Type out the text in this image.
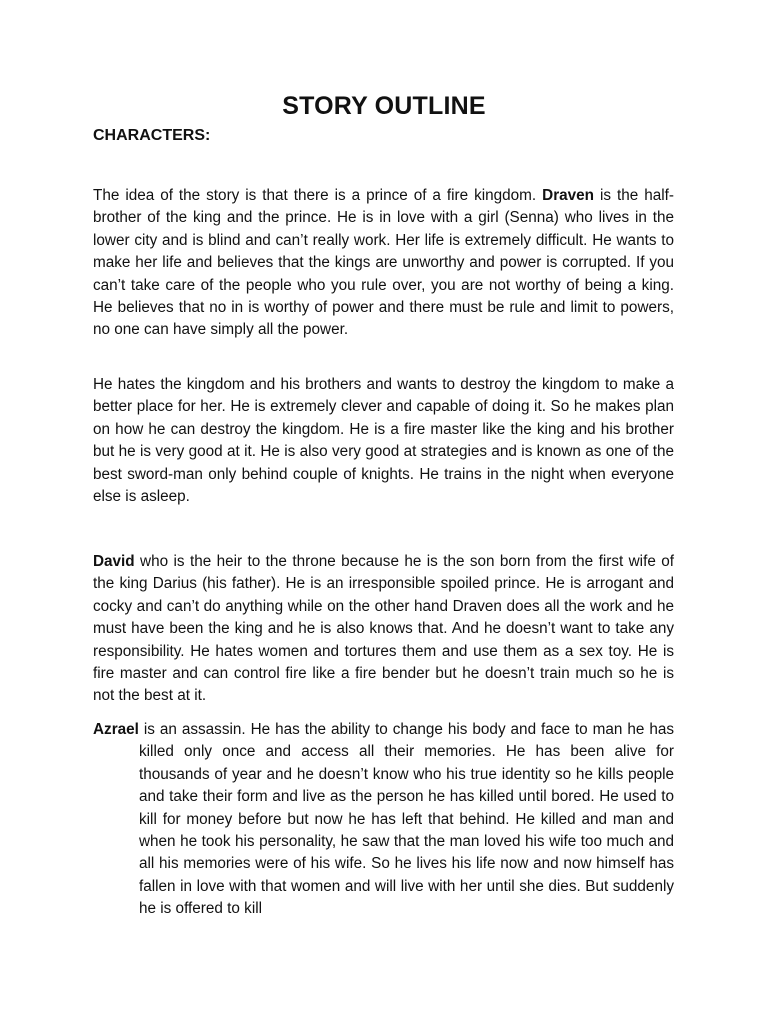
STORY OUTLINE
CHARACTERS:

The idea of the story is that there is a prince of a fire kingdom. Draven is the half-brother of the king and the prince. He is in love with a girl (Senna) who lives in the lower city and is blind and can’t really work. Her life is extremely difficult. He wants to make her life and believes that the kings are unworthy and power is corrupted. If you can’t take care of the people who you rule over, you are not worthy of being a king. He believes that no in is worthy of power and there must be rule and limit to powers, no one can have simply all the power.

He hates the kingdom and his brothers and wants to destroy the kingdom to make a better place for her. He is extremely clever and capable of doing it. So he makes plan on how he can destroy the kingdom. He is a fire master like the king and his brother but he is very good at it. He is also very good at strategies and is known as one of the best sword-man only behind couple of knights. He trains in the night when everyone else is asleep.

David who is the heir to the throne because he is the son born from the first wife of the king Darius (his father). He is an irresponsible spoiled prince. He is arrogant and cocky and can’t do anything while on the other hand Draven does all the work and he must have been the king and he is also knows that. And he doesn’t want to take any responsibility. He hates women and tortures them and use them as a sex toy. He is fire master and can control fire like a fire bender but he doesn’t train much so he is not the best at it.

Azrael is an assassin. He has the ability to change his body and face to man he has killed only once and access all their memories. He has been alive for thousands of year and he doesn’t know who his true identity so he kills people and take their form and live as the person he has killed until bored. He used to kill for money before but now he has left that behind. He killed and man and when he took his personality, he saw that the man loved his wife too much and all his memories were of his wife. So he lives his life now and now himself has fallen in love with that women and will live with her until she dies. But suddenly he is offered to kill
